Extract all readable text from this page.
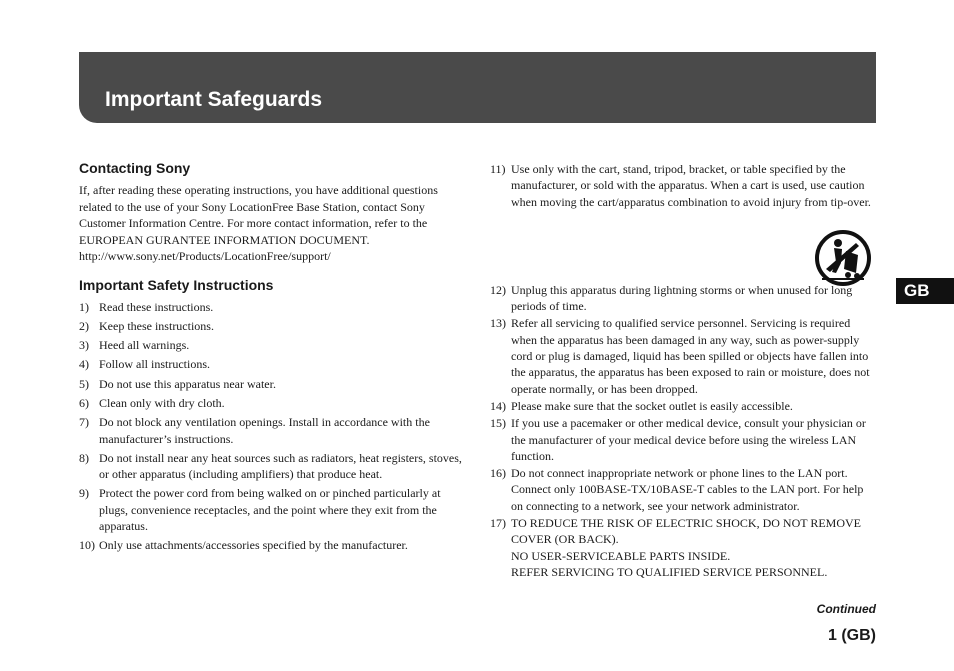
Important Safeguards
Contacting Sony

If, after reading these operating instructions, you have additional questions related to the use of your Sony LocationFree Base Station, contact Sony Customer Information Centre. For more contact information, refer to the EUROPEAN GURANTEE INFORMATION DOCUMENT. http://www.sony.net/Products/LocationFree/support/

Important Safety Instructions
1) Read these instructions.
2) Keep these instructions.
3) Heed all warnings.
4) Follow all instructions.
5) Do not use this apparatus near water.
6) Clean only with dry cloth.
7) Do not block any ventilation openings. Install in accordance with the manufacturer’s instructions.
8) Do not install near any heat sources such as radiators, heat registers, stoves, or other apparatus (including amplifiers) that produce heat.
9) Protect the power cord from being walked on or pinched particularly at plugs, convenience receptacles, and the point where they exit from the apparatus.
10) Only use attachments/accessories specified by the manufacturer.
11) Use only with the cart, stand, tripod, bracket, or table specified by the manufacturer, or sold with the apparatus. When a cart is used, use caution when moving the cart/apparatus combination to avoid injury from tip-over.
12) Unplug this apparatus during lightning storms or when unused for long periods of time.
13) Refer all servicing to qualified service personnel. Servicing is required when the apparatus has been damaged in any way, such as power-supply cord or plug is damaged, liquid has been spilled or objects have fallen into the apparatus, the apparatus has been exposed to rain or moisture, does not operate normally, or has been dropped.
14) Please make sure that the socket outlet is easily accessible.
15) If you use a pacemaker or other medical device, consult your physician or the manufacturer of your medical device before using the wireless LAN function.
16) Do not connect inappropriate network or phone lines to the LAN port. Connect only 100BASE-TX/10BASE-T cables to the LAN port. For help on connecting to a network, see your network administrator.
17) TO REDUCE THE RISK OF ELECTRIC SHOCK, DO NOT REMOVE COVER (OR BACK).
NO USER-SERVICEABLE PARTS INSIDE.
REFER SERVICING TO QUALIFIED SERVICE PERSONNEL.
GB
Continued
1 (GB)
